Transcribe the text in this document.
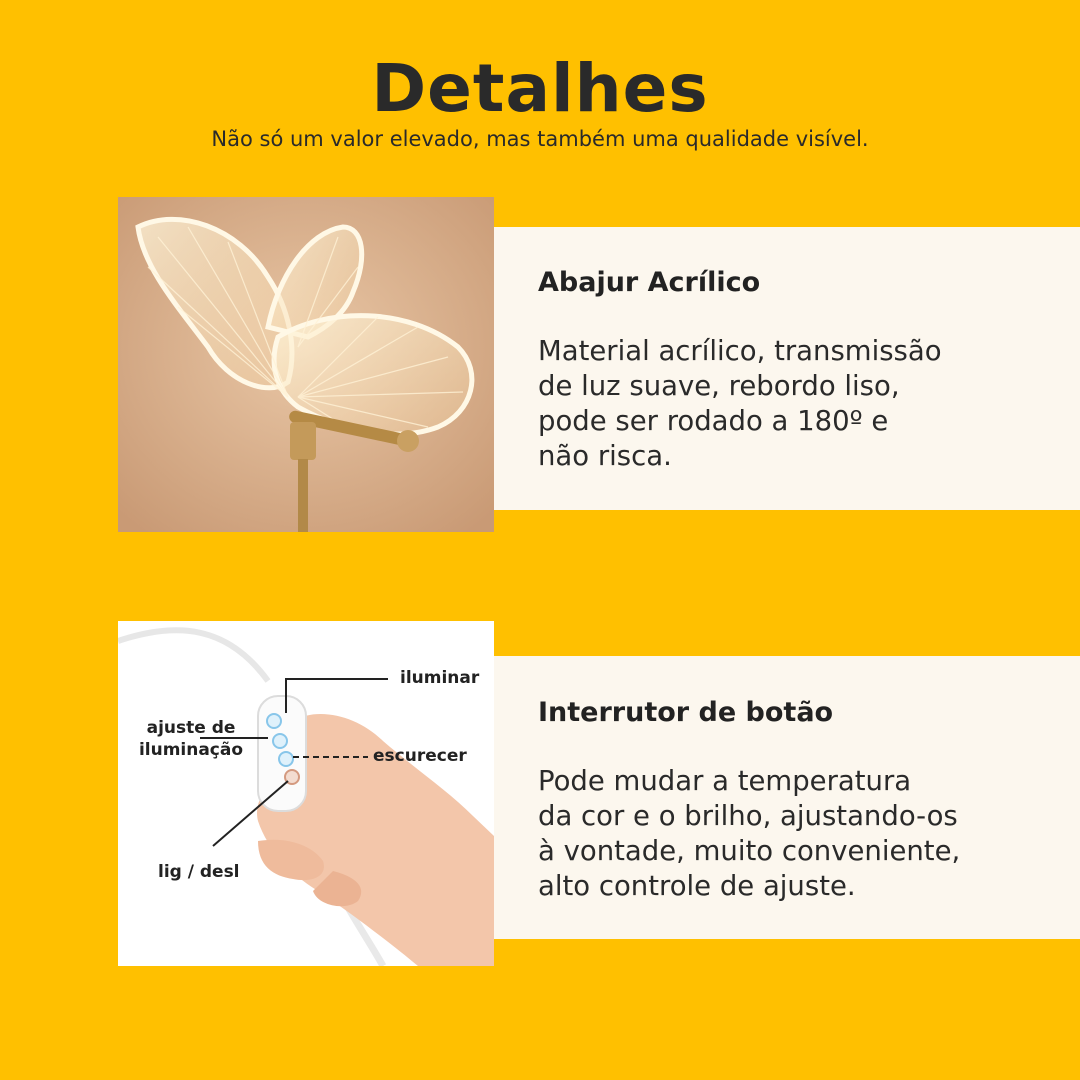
Detalhes
Não só um valor elevado, mas também uma qualidade visível.
Abajur Acrílico

Material acrílico, transmissão
de luz suave, rebordo liso,
pode ser rodado a 180º e
não risca.

Interrutor de botão

Pode mudar a temperatura
da cor e o brilho, ajustando-os
à vontade, muito conveniente,
alto controle de ajuste.

iluminar
ajuste de
iluminação	escurecer
lig / desl
